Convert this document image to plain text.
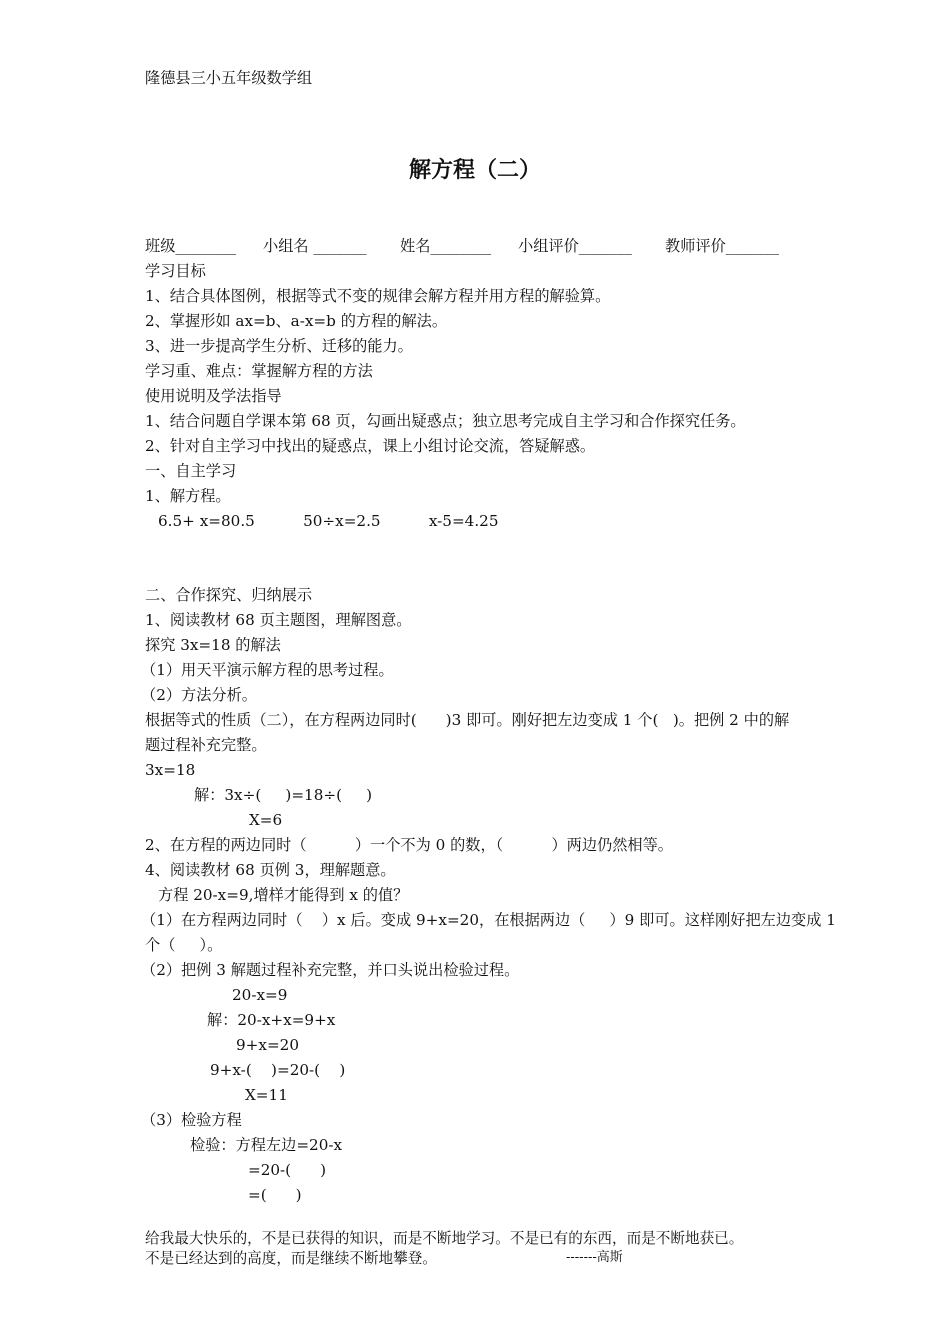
隆德县三小五年级数学组
解方程（二）
班级________ 小组名 _______ 姓名________ 小组评价_______ 教师评价_______
学习目标
1、结合具体图例，根据等式不变的规律会解方程并用方程的解验算。
2、掌握形如 ax=b、a-x=b 的方程的解法。
3、进一步提高学生分析、迁移的能力。
学习重、难点：掌握解方程的方法
使用说明及学法指导
1、结合问题自学课本第 68 页，勾画出疑惑点；独立思考完成自主学习和合作探究任务。
2、针对自主学习中找出的疑惑点，课上小组讨论交流，答疑解惑。
一、自主学习
1、解方程。
6.5+ x=80.5          50÷x=2.5          x-5=4.25
二、合作探究、归纳展示
1、阅读教材 68 页主题图，理解图意。
探究 3x=18 的解法
（1）用天平演示解方程的思考过程。
（2）方法分析。
根据等式的性质（二），在方程两边同时(      )3 即可。刚好把左边变成 1 个(   )。把例 2 中的解
题过程补充完整。
3x=18
解：3x÷(     )=18÷(     )
X=6
2、在方程的两边同时（          ）一个不为 0 的数，（          ）两边仍然相等。
4、阅读教材 68 页例 3，理解题意。
方程 20-x=9,增样才能得到 x 的值？
（1）在方程两边同时（    ）x 后。变成 9+x=20，在根据两边（     ）9 即可。这样刚好把左边变成 1
个（     ）。
（2）把例 3 解题过程补充完整，并口头说出检验过程。
20-x=9
解：20-x+x=9+x
9+x=20
9+x-(    )=20-(    )
X=11
（3）检验方程
检验：方程左边=20-x
=20-(      )
=(      )
给我最大快乐的，不是已获得的知识，而是不断地学习。不是已有的东西，而是不断地获已。
不是已经达到的高度，而是继续不断地攀登。	-------高斯
